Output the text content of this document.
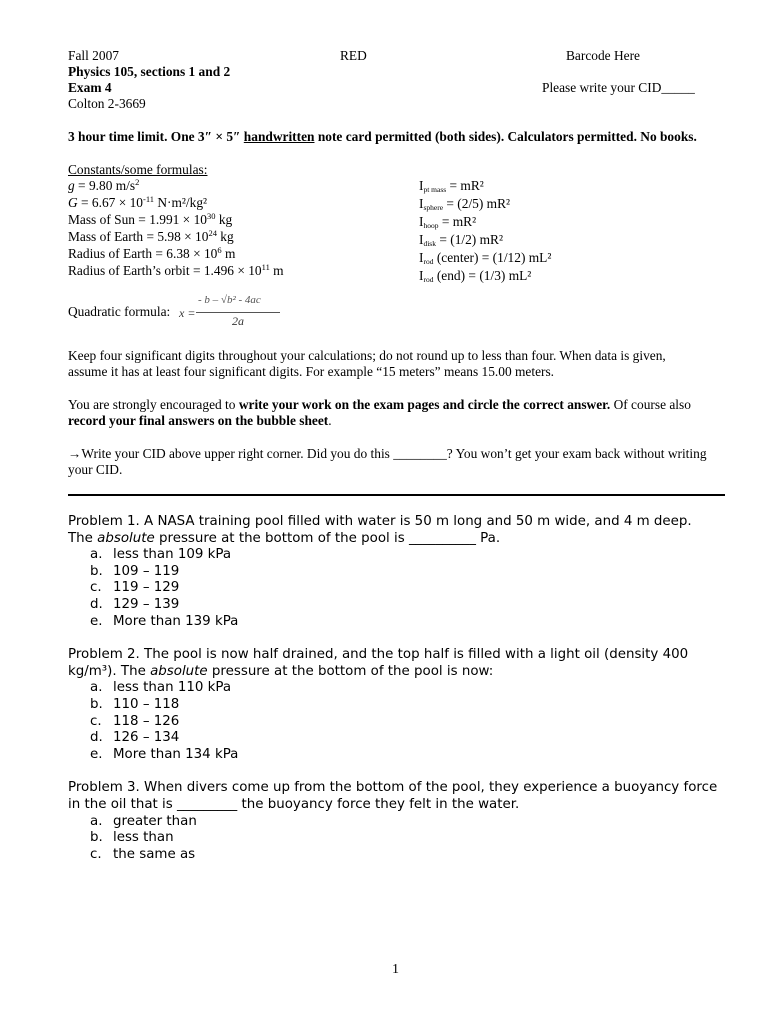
Fall 2007	RED	Barcode Here
Physics 105, sections 1 and 2
Exam 4	Please write your CID_____
Colton 2-3669
3 hour time limit. One 3″ × 5″ handwritten note card permitted (both sides). Calculators permitted. No books.
Constants/some formulas:
g = 9.80 $m/s^2$
$G = 6.67 \times 10^{-11}$ N·m²/kg²
Mass of Sun = $1.991 \times 10^{30}$ kg
Mass of Earth = $5.98 \times 10^{24}$ kg
Radius of Earth = $6.38 \times 10^6$ m
Radius of Earth’s orbit = $1.496 \times 10^{11}$ m
$I_{pt mass} = mR^2$
$I_{sphere} = (2/5)$ mR²
$I_{hoop} = mR^2$
$I_{disk} = (1/2)$ mR²
$I_{rod}$ (center) = (1/12) mL²
$I_{rod}$ (end) = (1/3) mL²
Quadratic formula: x =
- b – √b² - 4ac
2a
Keep four significant digits throughout your calculations; do not round up to less than four. When data is given, assume it has at least four significant digits. For example “15 meters” means 15.00 meters.
You are strongly encouraged to write your work on the exam pages and circle the correct answer. Of course also record your final answers on the bubble sheet.
→Write your CID above upper right corner. Did you do this ________? You won’t get your exam back without writing your CID.
Problem 1. A NASA training pool filled with water is 50 m long and 50 m wide, and 4 m deep. The absolute pressure at the bottom of the pool is __________ Pa.
a. less than 109 kPa
b. 109 – 119
c. 119 – 129
d. 129 – 139
e. More than 139 kPa
Problem 2. The pool is now half drained, and the top half is filled with a light oil (density 400 kg/m³). The absolute pressure at the bottom of the pool is now:
a. less than 110 kPa
b. 110 – 118
c. 118 – 126
d. 126 – 134
e. More than 134 kPa
Problem 3. When divers come up from the bottom of the pool, they experience a buoyancy force in the oil that is _________ the buoyancy force they felt in the water.
a. greater than
b. less than
c. the same as
1
